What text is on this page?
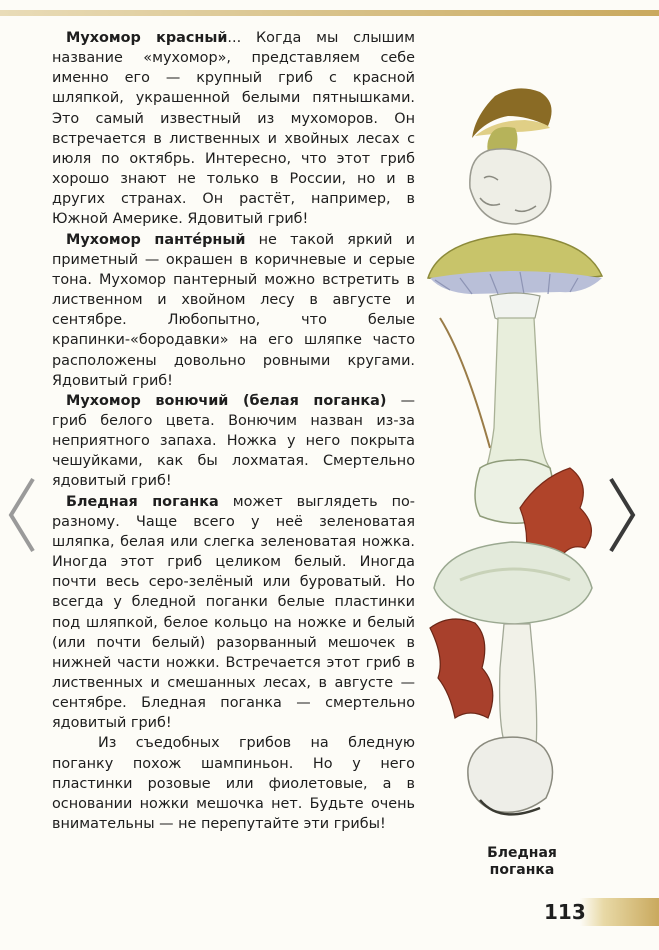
Мухомор красный... Когда мы слышим название «мухомор», представляем себе именно его — крупный гриб с красной шляпкой, украшенной белыми пятнышками. Это самый известный из мухоморов. Он встречается в лиственных и хвойных лесах с июля по октябрь. Интересно, что этот гриб хорошо знают не только в России, но и в других странах. Он растёт, например, в Южной Америке. Ядовитый гриб!

Мухомор пантéрный не такой яркий и приметный — окрашен в коричневые и серые тона. Мухомор пантерный можно встретить в лиственном и хвойном лесу в августе и сентябре. Любопытно, что белые крапинки-«бородавки» на его шляпке часто расположены довольно ровными кругами. Ядовитый гриб!

Мухомор вонючий (белая поганка) — гриб белого цвета. Вонючим назван из-за неприятного запаха. Ножка у него покрыта чешуйками, как бы лохматая. Смертельно ядовитый гриб!

Бледная поганка может выглядеть по-разному. Чаще всего у неё зеленоватая шляпка, белая или слегка зеленоватая ножка. Иногда этот гриб целиком белый. Иногда почти весь серо-зелёный или буроватый. Но всегда у бледной поганки белые пластинки под шляпкой, белое кольцо на ножке и белый (или почти белый) разорванный мешочек в нижней части ножки. Встречается этот гриб в лиственных и смешанных лесах, в августе — сентябре. Бледная поганка — смертельно ядовитый гриб!

Из съедобных грибов на бледную поганку похож шампиньон. Но у него пластинки розовые или фиолетовые, а в основании ножки мешочка нет. Будьте очень внимательны — не перепутайте эти грибы!

Бледная
поганка
113
